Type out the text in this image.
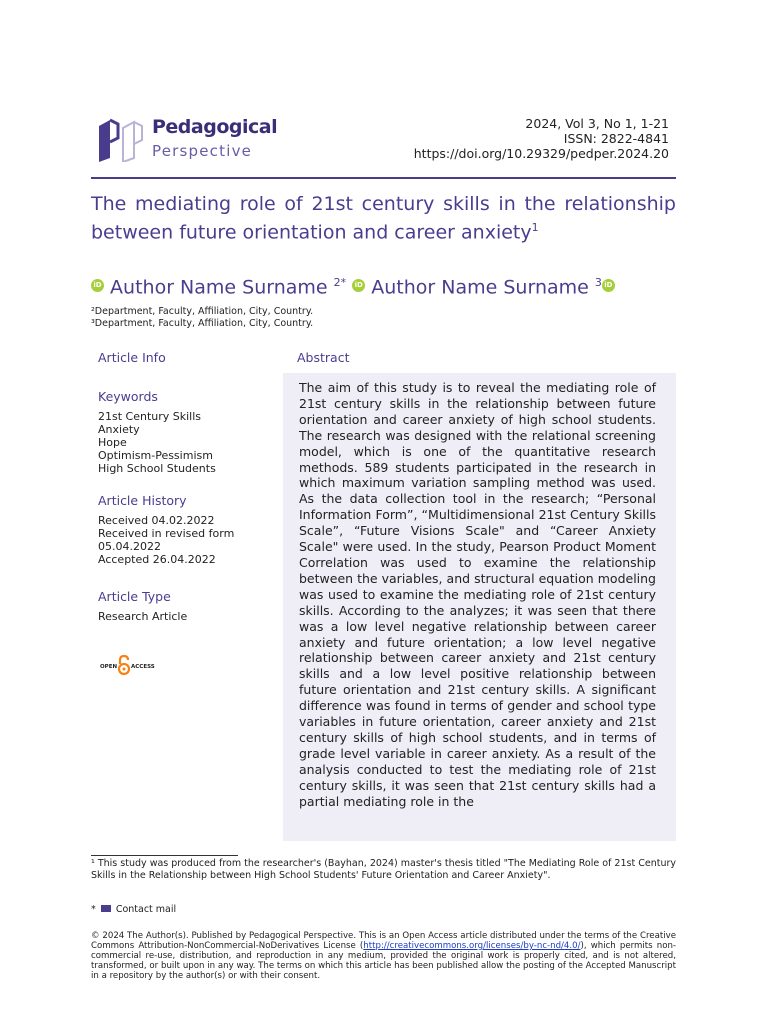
Pedagogical
Perspective
2024, Vol 3, No 1, 1-21
ISSN: 2822-4841
https://doi.org/10.29329/pedper.2024.20
The mediating role of 21st century skills in the relationship between future orientation and career anxiety$^1$
iD Author Name Surname $^{2*}$ iD Author Name Surname $^3$ iD
²Department, Faculty, Affiliation, City, Country.
³Department, Faculty, Affiliation, City, Country.
Article Info
Keywords
21st Century Skills
Anxiety
Hope
Optimism-Pessimism
High School Students
Article History
Received 04.02.2022
Received in revised form
05.04.2022
Accepted 26.04.2022
Article Type
Research Article
OPEN	ACCESS
Abstract
The aim of this study is to reveal the mediating role of 21st century skills in the relationship between future orientation and career anxiety of high school students. The research was designed with the relational screening model, which is one of the quantitative research methods. 589 students participated in the research in which maximum variation sampling method was used. As the data collection tool in the research; “Personal Information Form”, “Multidimensional 21st Century Skills Scale”, “Future Visions Scale" and “Career Anxiety Scale" were used. In the study, Pearson Product Moment Correlation was used to examine the relationship between the variables, and structural equation modeling was used to examine the mediating role of 21st century skills. According to the analyzes; it was seen that there was a low level negative relationship between career anxiety and future orientation; a low level negative relationship between career anxiety and 21st century skills and a low level positive relationship between future orientation and 21st century skills. A significant difference was found in terms of gender and school type variables in future orientation, career anxiety and 21st century skills of high school students, and in terms of grade level variable in career anxiety. As a result of the analysis conducted to test the mediating role of 21st century skills, it was seen that 21st century skills had a partial mediating role in the
¹ This study was produced from the researcher's (Bayhan, 2024) master's thesis titled "The Mediating Role of 21st Century Skills in the Relationship between High School Students' Future Orientation and Career Anxiety".
* Contact mail
© 2024 The Author(s). Published by Pedagogical Perspective. This is an Open Access article distributed under the terms of the Creative Commons Attribution-NonCommercial-NoDerivatives License (http://creativecommons.org/licenses/by-nc-nd/4.0/), which permits non-commercial re-use, distribution, and reproduction in any medium, provided the original work is properly cited, and is not altered, transformed, or built upon in any way. The terms on which this article has been published allow the posting of the Accepted Manuscript in a repository by the author(s) or with their consent.
